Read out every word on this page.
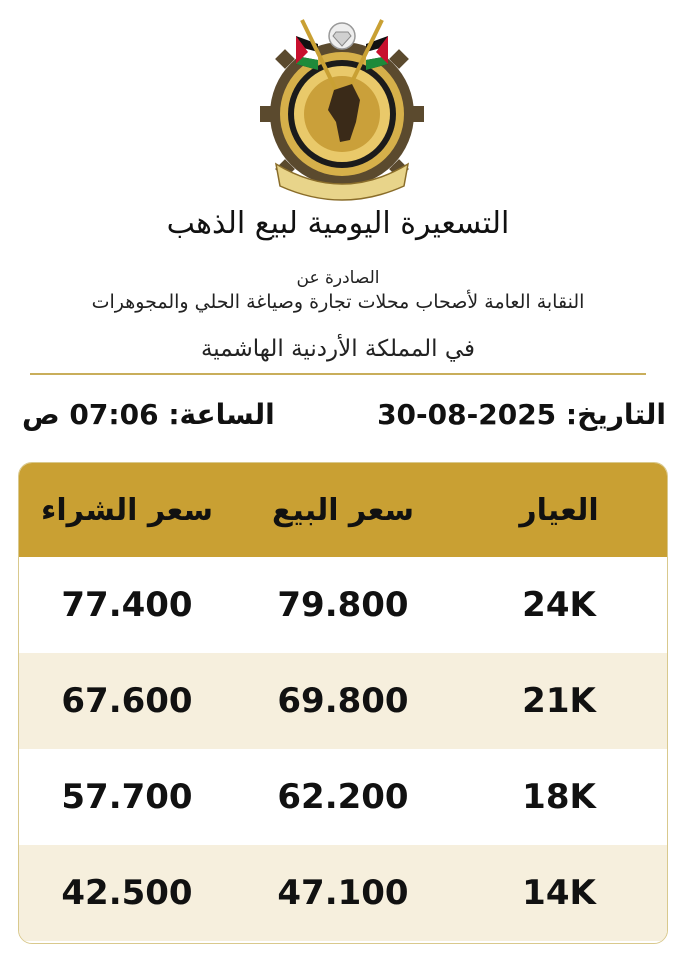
التسعيرة اليومية لبيع الذهب
الصادرة عن
النقابة العامة لأصحاب محلات تجارة وصياغة الحلي والمجوهرات
في المملكة الأردنية الهاشمية
التاريخ: 30-08-2025
الساعة: 07:06 ص
سعر الشراء	سعر البيع	العيار
77.400	79.800	24K
67.600	69.800	21K
57.700	62.200	18K
42.500	47.100	14K
